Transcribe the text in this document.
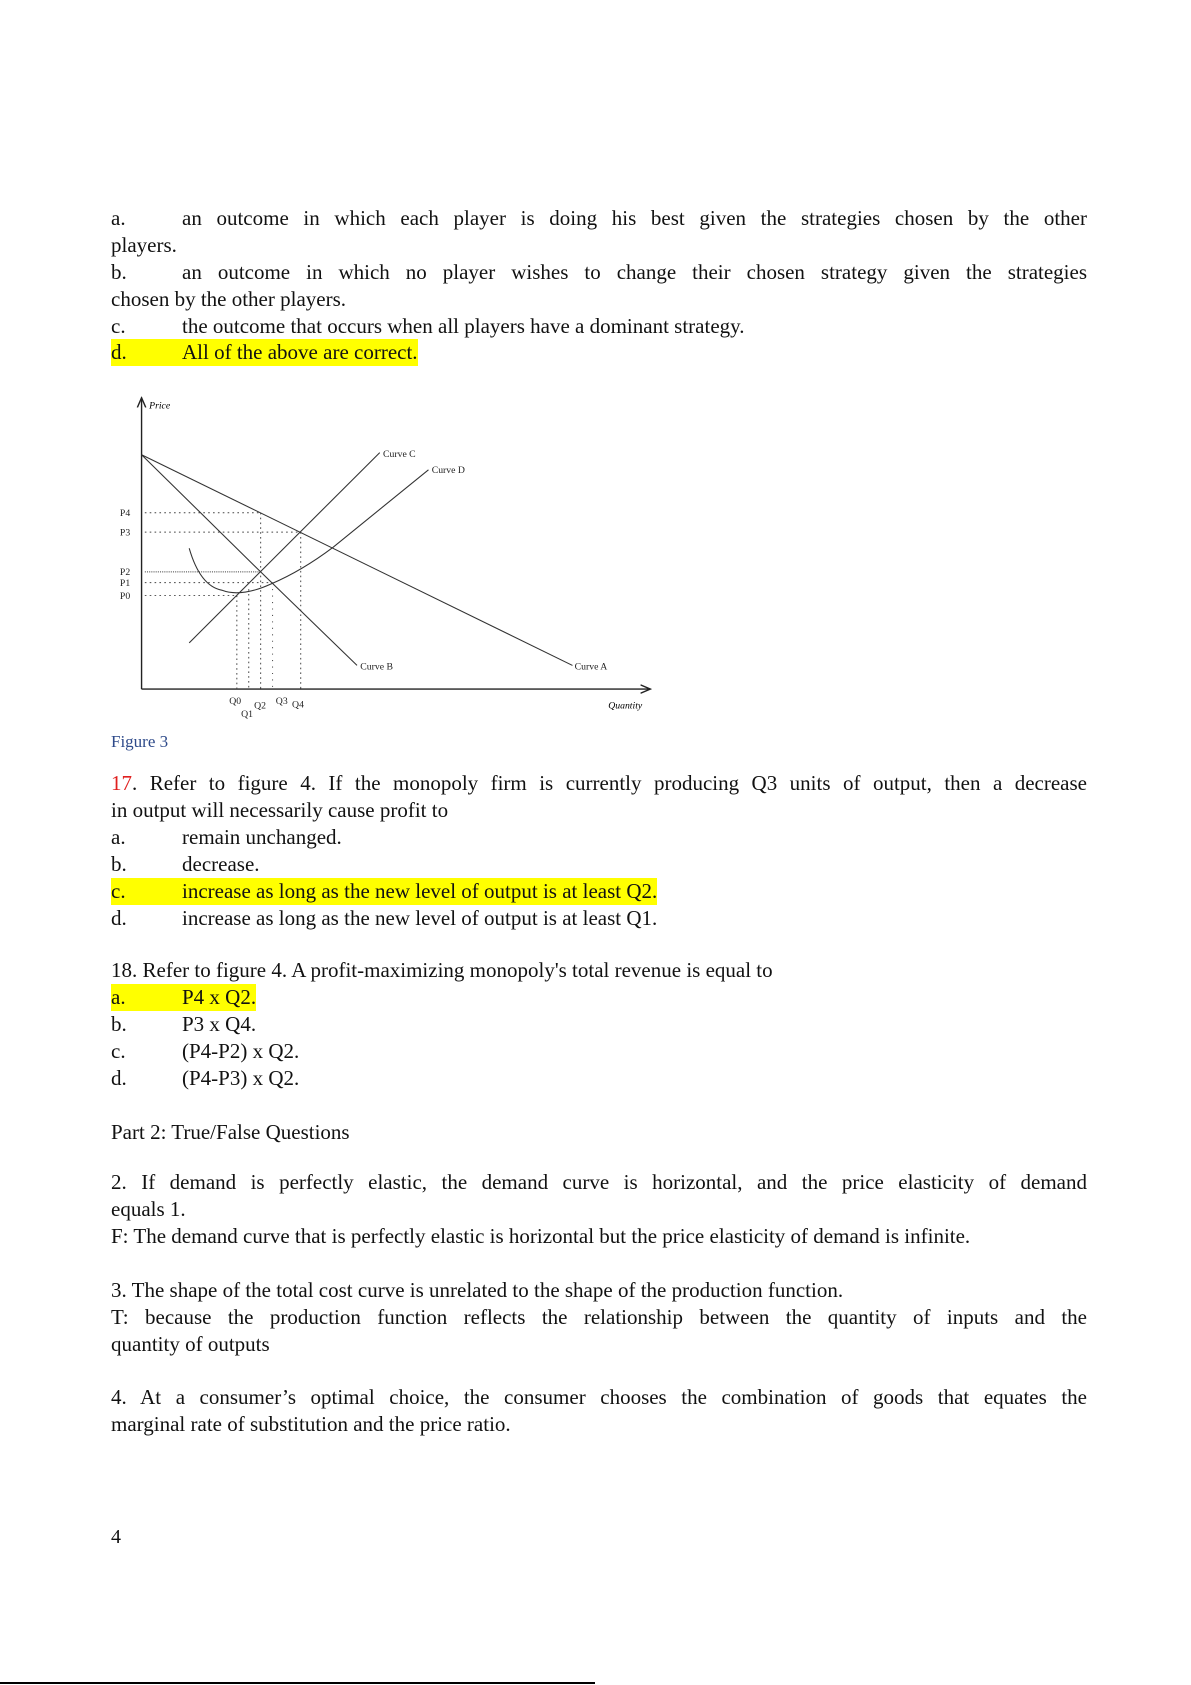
a.	an outcome in which each player is doing his best given the strategies chosen by the other
players.
b.	an outcome in which no player wishes to change their chosen strategy given the strategies
chosen by the other players.
c.	the outcome that occurs when all players have a dominant strategy.
d.	All of the above are correct.
Price
Quantity
P4
P3
P2
P1
P0
Q0
Q1
Q2 Q3 Q4
Curve C
Curve D
Curve B	Curve A
Figure 3
17. Refer to figure 4. If the monopoly firm is currently producing Q3 units of output, then a decrease
in output will necessarily cause profit to
a.	remain unchanged.
b.	decrease.
c.	increase as long as the new level of output is at least Q2.
d.	increase as long as the new level of output is at least Q1.
18. Refer to figure 4. A profit-maximizing monopoly's total revenue is equal to
a.	P4 x Q2.
b.	P3 x Q4.
c.	(P4-P2) x Q2.
d.	(P4-P3) x Q2.
Part 2: True/False Questions
2. If demand is perfectly elastic, the demand curve is horizontal, and the price elasticity of demand
equals 1.
F: The demand curve that is perfectly elastic is horizontal but the price elasticity of demand is infinite.
3. The shape of the total cost curve is unrelated to the shape of the production function.
T: because the production function reflects the relationship between the quantity of inputs and the
quantity of outputs
4. At a consumer’s optimal choice, the consumer chooses the combination of goods that equates the
marginal rate of substitution and the price ratio.
4
